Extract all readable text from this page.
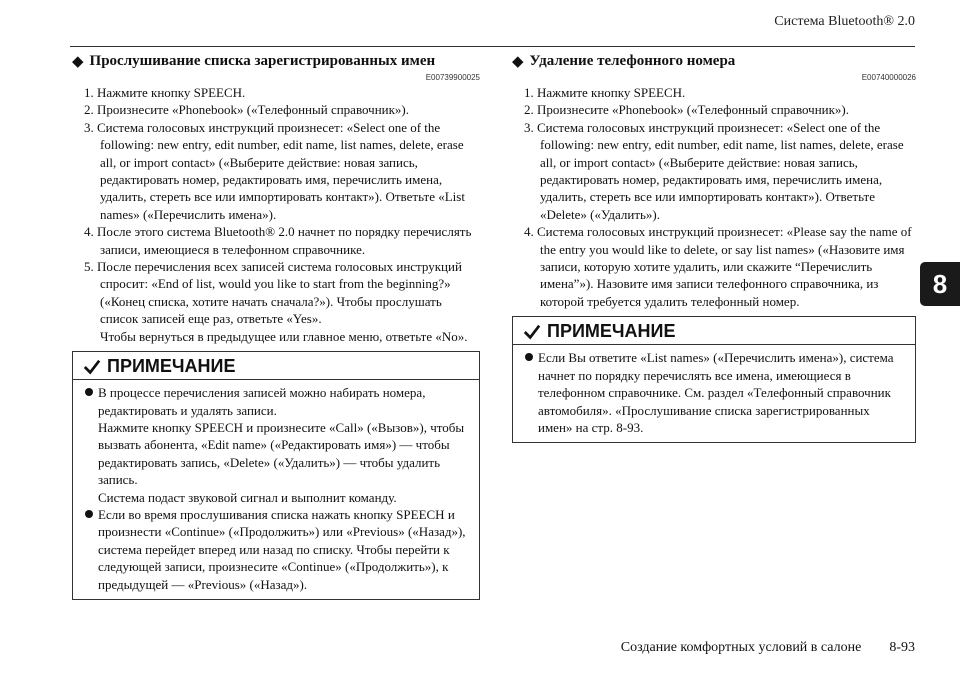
Система Bluetooth® 2.0
8
◆ Прослушивание списка зарегистрированных имен
E00739900025
1. Нажмите кнопку SPEECH.
2. Произнесите «Phonebook» («Телефонный справочник»).
3. Система голосовых инструкций произнесет: «Select one of the following: new entry, edit number, edit name, list names, delete, erase all, or import contact» («Выберите действие: новая запись, редактировать номер, редактировать имя, перечислить имена, удалить, стереть все или импортировать контакт»). Ответьте «List names» («Перечислить имена»).
4. После этого система Bluetooth® 2.0 начнет по порядку перечислять записи, имеющиеся в телефонном справочнике.
5. После перечисления всех записей система голосовых инструкций спросит: «End of list, would you like to start from the beginning?» («Конец списка, хотите начать сначала?»). Чтобы прослушать список записей еще раз, ответьте «Yes».
Чтобы вернуться в предыдущее или главное меню, ответьте «No».
ПРИМЕЧАНИЕ
В процессе перечисления записей можно набирать номера, редактировать и удалять записи.
Нажмите кнопку SPEECH и произнесите «Call» («Вызов»), чтобы вызвать абонента, «Edit name» («Редактировать имя») — чтобы редактировать запись, «Delete» («Удалить») — чтобы удалить запись.
Система подаст звуковой сигнал и выполнит команду.
Если во время прослушивания списка нажать кнопку SPEECH и произнести «Continue» («Продолжить») или «Previous» («Назад»), система перейдет вперед или назад по списку. Чтобы перейти к следующей записи, произнесите «Continue» («Продолжить»), к предыдущей — «Previous» («Назад»).
◆ Удаление телефонного номера
E00740000026
1. Нажмите кнопку SPEECH.
2. Произнесите «Phonebook» («Телефонный справочник»).
3. Система голосовых инструкций произнесет: «Select one of the following: new entry, edit number, edit name, list names, delete, erase all, or import contact» («Выберите действие: новая запись, редактировать номер, редактировать имя, перечислить имена, удалить, стереть все или импортировать контакт»). Ответьте «Delete» («Удалить»).
4. Система голосовых инструкций произнесет: «Please say the name of the entry you would like to delete, or say list names» («Назовите имя записи, которую хотите удалить, или скажите “Перечислить имена”»). Назовите имя записи телефонного справочника, из которой требуется удалить телефонный номер.
ПРИМЕЧАНИЕ
Если Вы ответите «List names» («Перечислить имена»), система начнет по порядку перечислять все имена, имеющиеся в телефонном справочнике. См. раздел «Телефонный справочник автомобиля». «Прослушивание списка зарегистрированных имен» на стр. 8-93.
Создание комфортных условий в салоне 8-93
